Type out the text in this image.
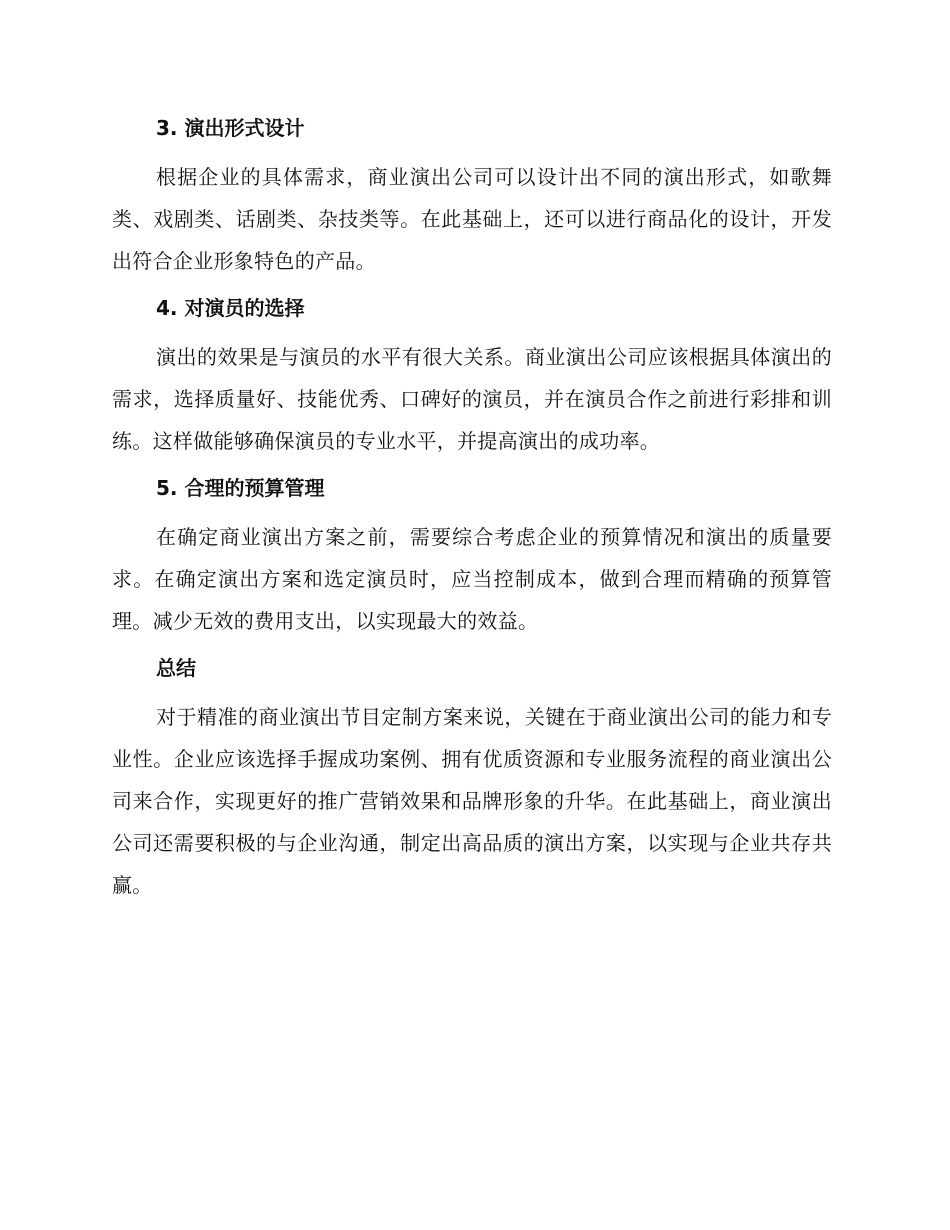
3. 演出形式设计

根据企业的具体需求，商业演出公司可以设计出不同的演出形式，如歌舞类、戏剧类、话剧类、杂技类等。在此基础上，还可以进行商品化的设计，开发出符合企业形象特色的产品。

4. 对演员的选择

演出的效果是与演员的水平有很大关系。商业演出公司应该根据具体演出的需求，选择质量好、技能优秀、口碑好的演员，并在演员合作之前进行彩排和训练。这样做能够确保演员的专业水平，并提高演出的成功率。

5. 合理的预算管理

在确定商业演出方案之前，需要综合考虑企业的预算情况和演出的质量要求。在确定演出方案和选定演员时，应当控制成本，做到合理而精确的预算管理。减少无效的费用支出，以实现最大的效益。

总结

对于精准的商业演出节目定制方案来说，关键在于商业演出公司的能力和专业性。企业应该选择手握成功案例、拥有优质资源和专业服务流程的商业演出公司来合作，实现更好的推广营销效果和品牌形象的升华。在此基础上，商业演出公司还需要积极的与企业沟通，制定出高品质的演出方案，以实现与企业共存共赢。
